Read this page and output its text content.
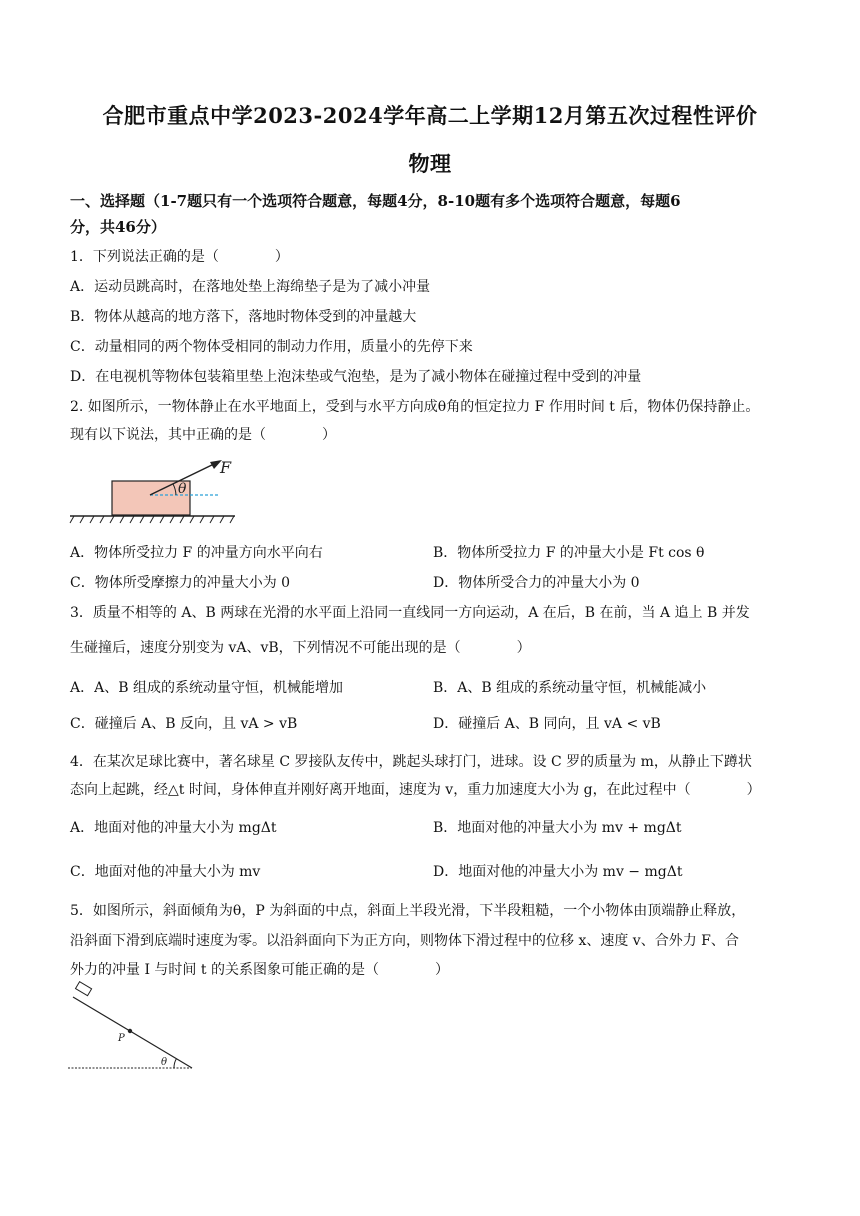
合肥市重点中学2023-2024学年高二上学期12月第五次过程性评价
物理
一、选择题（1-7题只有一个选项符合题意，每题4分，8-10题有多个选项符合题意，每题6
分，共46分）
1．下列说法正确的是（　　　　）
A．运动员跳高时，在落地处垫上海绵垫子是为了减小冲量
B．物体从越高的地方落下，落地时物体受到的冲量越大
C．动量相同的两个物体受相同的制动力作用，质量小的先停下来
D．在电视机等物体包装箱里垫上泡沫垫或气泡垫，是为了减小物体在碰撞过程中受到的冲量
2. 如图所示，一物体静止在水平地面上，受到与水平方向成θ角的恒定拉力 F 作用时间 t 后，物体仍保持静止。
现有以下说法，其中正确的是（　　　　）
θ
F
A．物体所受拉力 F 的冲量方向水平向右	B．物体所受拉力 F 的冲量大小是 Ft cos θ
C．物体所受摩擦力的冲量大小为 0	D．物体所受合力的冲量大小为 0
3．质量不相等的 A、B 两球在光滑的水平面上沿同一直线同一方向运动，A 在后，B 在前，当 A 追上 B 并发
生碰撞后，速度分别变为 vA、vB，下列情况不可能出现的是（　　　　）
A．A、B 组成的系统动量守恒，机械能增加	B．A、B 组成的系统动量守恒，机械能减小
C．碰撞后 A、B 反向，且 vA > vB	D．碰撞后 A、B 同向，且 vA < vB
4．在某次足球比赛中，著名球星 C 罗接队友传中，跳起头球打门，进球。设 C 罗的质量为 m，从静止下蹲状
态向上起跳，经△t 时间，身体伸直并刚好离开地面，速度为 v，重力加速度大小为 g，在此过程中（　　　　）
A．地面对他的冲量大小为 mgΔt	B．地面对他的冲量大小为 mv + mgΔt
C．地面对他的冲量大小为 mv	D．地面对他的冲量大小为 mv − mgΔt
5．如图所示，斜面倾角为θ，P 为斜面的中点，斜面上半段光滑，下半段粗糙，一个小物体由顶端静止释放，
沿斜面下滑到底端时速度为零。以沿斜面向下为正方向，则物体下滑过程中的位移 x、速度 v、合外力 F、合
外力的冲量 I 与时间 t 的关系图象可能正确的是（　　　　）
P
θ
